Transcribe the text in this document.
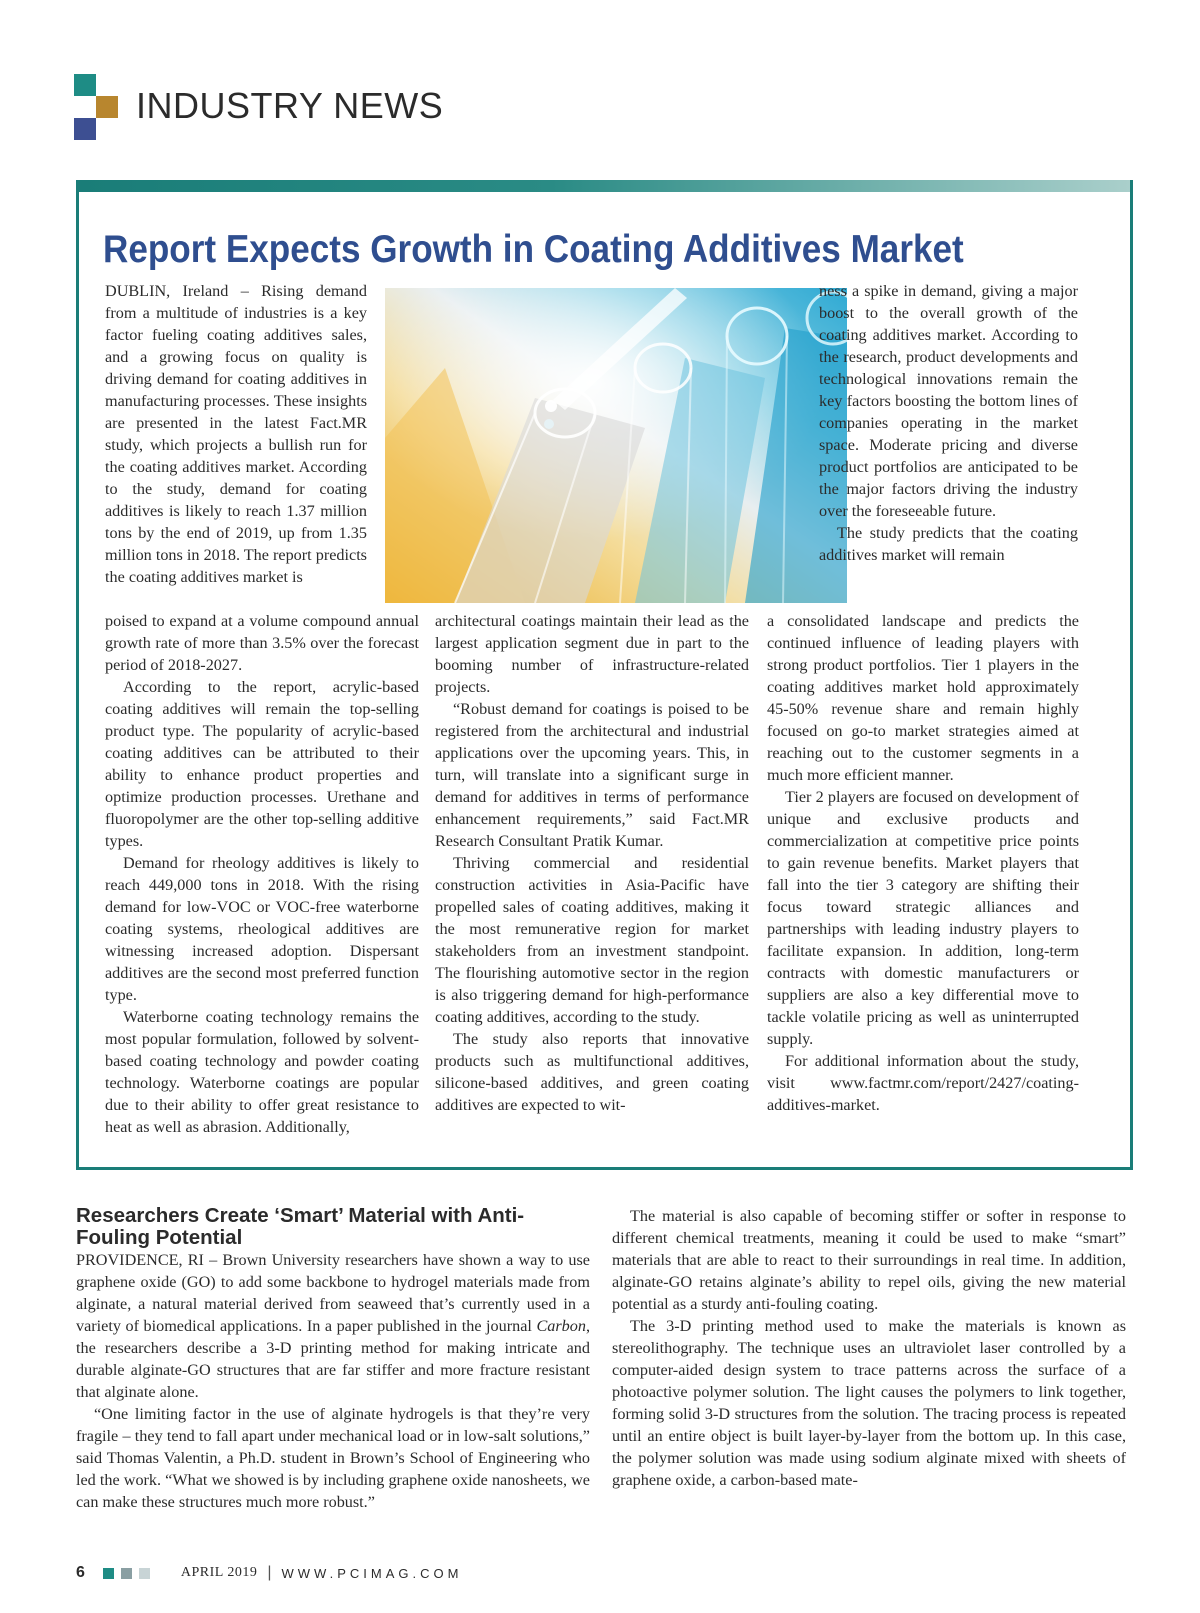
INDUSTRY NEWS
Report Expects Growth in Coating Additives Market

DUBLIN, Ireland – Rising demand from a multitude of industries is a key factor fueling coating additives sales, and a growing focus on quality is driving demand for coating additives in manufacturing processes. These insights are presented in the latest Fact.MR study, which projects a bullish run for the coating additives market. According to the study, demand for coating additives is likely to reach 1.37 million tons by the end of 2019, up from 1.35 million tons in 2018. The report predicts the coating additives market is

poised to expand at a volume compound annual growth rate of more than 3.5% over the forecast period of 2018-2027.

According to the report, acrylic-based coating additives will remain the top-selling product type. The popularity of acrylic-based coating additives can be attributed to their ability to enhance product properties and optimize production processes. Urethane and fluoropolymer are the other top-selling additive types.

Demand for rheology additives is likely to reach 449,000 tons in 2018. With the rising demand for low-VOC or VOC-free waterborne coating systems, rheological additives are witnessing increased adoption. Dispersant additives are the second most preferred function type.

Waterborne coating technology remains the most popular formulation, followed by solvent-based coating technology and powder coating technology. Waterborne coatings are popular due to their ability to offer great resistance to heat as well as abrasion. Additionally,

architectural coatings maintain their lead as the largest application segment due in part to the booming number of infrastructure-related projects.

“Robust demand for coatings is poised to be registered from the architectural and industrial applications over the upcoming years. This, in turn, will translate into a significant surge in demand for additives in terms of performance enhancement requirements,” said Fact.MR Research Consultant Pratik Kumar.

Thriving commercial and residential construction activities in Asia-Pacific have propelled sales of coating additives, making it the most remunerative region for market stakeholders from an investment standpoint. The flourishing automotive sector in the region is also triggering demand for high-performance coating additives, according to the study.

The study also reports that innovative products such as multifunctional additives, silicone-based additives, and green coating additives are expected to wit-

ness a spike in demand, giving a major boost to the overall growth of the coating additives market. According to the research, product developments and technological innovations remain the key factors boosting the bottom lines of companies operating in the market space. Moderate pricing and diverse product portfolios are anticipated to be the major factors driving the industry over the foreseeable future.

The study predicts that the coating additives market will remain

a consolidated landscape and predicts the continued influence of leading players with strong product portfolios. Tier 1 players in the coating additives market hold approximately 45-50% revenue share and remain highly focused on go-to market strategies aimed at reaching out to the customer segments in a much more efficient manner.

Tier 2 players are focused on development of unique and exclusive products and commercialization at competitive price points to gain revenue benefits. Market players that fall into the tier 3 category are shifting their focus toward strategic alliances and partnerships with leading industry players to facilitate expansion. In addition, long-term contracts with domestic manufacturers or suppliers are also a key differential move to tackle volatile pricing as well as uninterrupted supply.

For additional information about the study, visit www.factmr.com/report/2427/coating-additives-market.

Researchers Create ‘Smart’ Material with Anti-Fouling Potential

PROVIDENCE, RI – Brown University researchers have shown a way to use graphene oxide (GO) to add some backbone to hydrogel materials made from alginate, a natural material derived from seaweed that’s currently used in a variety of biomedical applications. In a paper published in the journal Carbon, the researchers describe a 3-D printing method for making intricate and durable alginate-GO structures that are far stiffer and more fracture resistant that alginate alone.

“One limiting factor in the use of alginate hydrogels is that they’re very fragile – they tend to fall apart under mechanical load or in low-salt solutions,” said Thomas Valentin, a Ph.D. student in Brown’s School of Engineering who led the work. “What we showed is by including graphene oxide nanosheets, we can make these structures much more robust.”

The material is also capable of becoming stiffer or softer in response to different chemical treatments, meaning it could be used to make “smart” materials that are able to react to their surroundings in real time. In addition, alginate-GO retains alginate’s ability to repel oils, giving the new material potential as a sturdy anti-fouling coating.

The 3-D printing method used to make the materials is known as stereolithography. The technique uses an ultraviolet laser controlled by a computer-aided design system to trace patterns across the surface of a photoactive polymer solution. The light causes the polymers to link together, forming solid 3-D structures from the solution. The tracing process is repeated until an entire object is built layer-by-layer from the bottom up. In this case, the polymer solution was made using sodium alginate mixed with sheets of graphene oxide, a carbon-based mate-

6	APRIL 2019 | WWW.PCIMAG.COM
